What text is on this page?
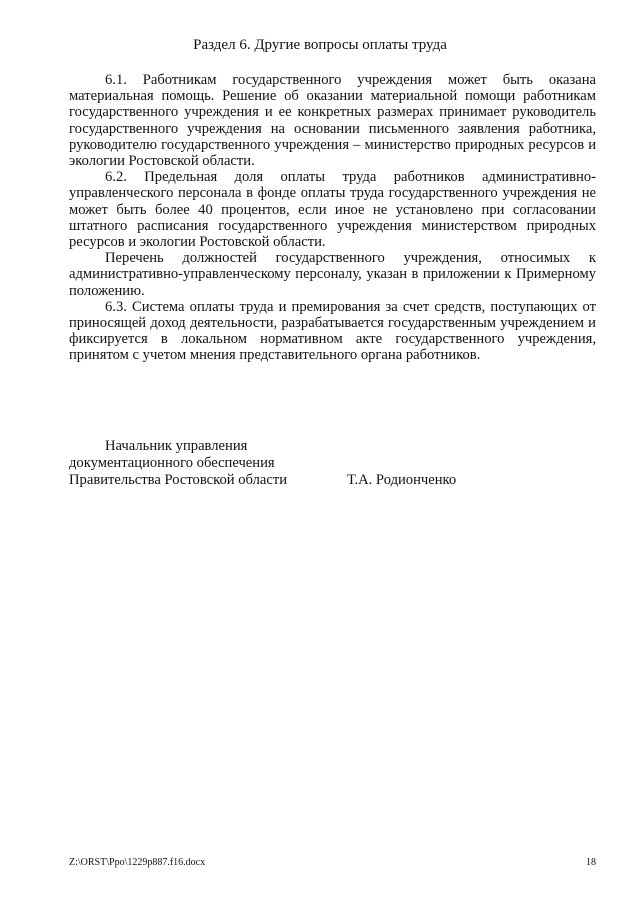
Раздел 6. Другие вопросы оплаты труда

6.1. Работникам государственного учреждения может быть оказана материальная помощь. Решение об оказании материальной помощи работникам государственного учреждения и ее конкретных размерах принимает руководитель государственного учреждения на основании письменного заявления работника, руководителю государственного учреждения – министерство природных ресурсов и экологии Ростовской области.

6.2. Предельная доля оплаты труда работников административно-управленческого персонала в фонде оплаты труда государственного учреждения не может быть более 40 процентов, если иное не установлено при согласовании штатного расписания государственного учреждения министерством природных ресурсов и экологии Ростовской области.

Перечень должностей государственного учреждения, относимых к административно-управленческому персоналу, указан в приложении к Примерному положению.

6.3. Система оплаты труда и премирования за счет средств, поступающих от приносящей доход деятельности, разрабатывается государственным учреждением и фиксируется в локальном нормативном акте государственного учреждения, принятом с учетом мнения представительного органа работников.

Начальник управления
документационного обеспечения
Правительства Ростовской области	Т.А. Родионченко
Z:\ORST\Ppo\1229p887.f16.docx	18
